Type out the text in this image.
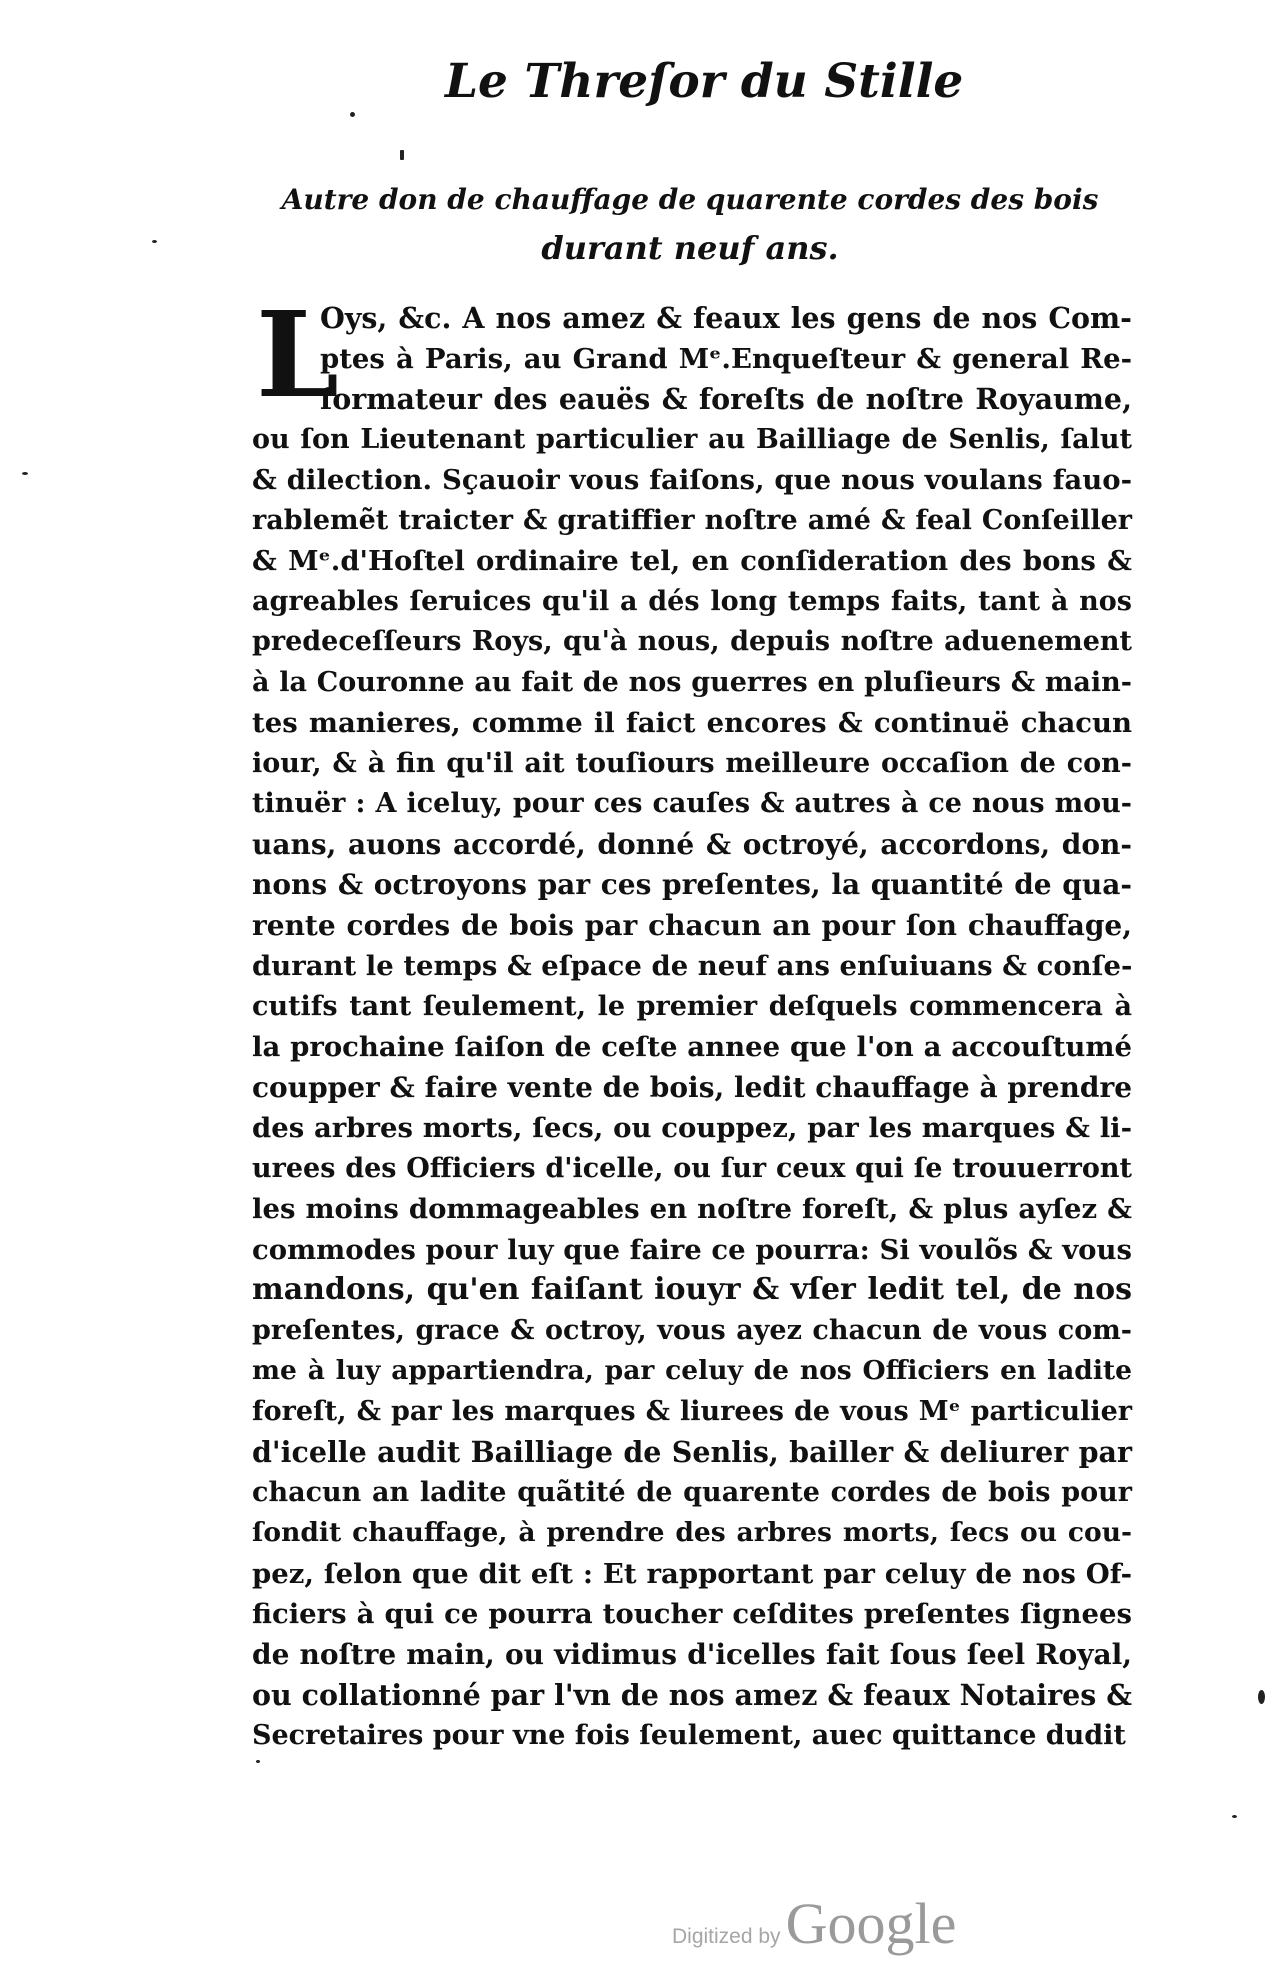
Le Threſor du Stille
Autre don de chauffage de quarente cordes des bois
durant neuf ans.
L
Oys, &c. A nos amez & feaux les gens de nos Com-
ptes à Paris, au Grand Mᵉ.Enqueſteur & general Re-
formateur des eauës & foreſts de noſtre Royaume,
ou ſon Lieutenant particulier au Bailliage de Senlis, ſalut
& dilection. Sçauoir vous faiſons, que nous voulans fauo-
rablemẽt traicter & gratiffier noſtre amé & feal Conſeiller
& Mᵉ.d'Hoſtel ordinaire tel, en conſideration des bons &
agreables ſeruices qu'il a dés long temps faits, tant à nos
predeceſſeurs Roys, qu'à nous, depuis noſtre aduenement
à la Couronne au fait de nos guerres en pluſieurs & main-
tes manieres, comme il faict encores & continuë chacun
iour, & à fin qu'il ait touſiours meilleure occaſion de con-
tinuër : A iceluy, pour ces cauſes & autres à ce nous mou-
uans, auons accordé, donné & octroyé, accordons, don-
nons & octroyons par ces preſentes, la quantité de qua-
rente cordes de bois par chacun an pour ſon chauffage,
durant le temps & eſpace de neuf ans enſuiuans & conſe-
cutifs tant ſeulement, le premier deſquels commencera à
la prochaine ſaiſon de ceſte annee que l'on a accouſtumé
coupper & faire vente de bois, ledit chauffage à prendre
des arbres morts, ſecs, ou couppez, par les marques & li-
urees des Officiers d'icelle, ou ſur ceux qui ſe trouuerront
les moins dommageables en noſtre foreſt, & plus ayſez &
commodes pour luy que faire ce pourra: Si voulõs & vous
mandons, qu'en faiſant iouyr & vſer ledit tel, de nos
preſentes, grace & octroy, vous ayez chacun de vous com-
me à luy appartiendra, par celuy de nos Officiers en ladite
foreſt, & par les marques & liurees de vous Mᵉ particulier
d'icelle audit Bailliage de Senlis, bailler & deliurer par
chacun an ladite quãtité de quarente cordes de bois pour
ſondit chauffage, à prendre des arbres morts, ſecs ou cou-
pez, ſelon que dit eſt : Et rapportant par celuy de nos Of-
ficiers à qui ce pourra toucher ceſdites preſentes ſignees
de noſtre main, ou vidimus d'icelles fait ſous ſeel Royal,
ou collationné par l'vn de nos amez & feaux Notaires &
Secretaires pour vne fois ſeulement, auec quittance dudit
Digitized by Google
